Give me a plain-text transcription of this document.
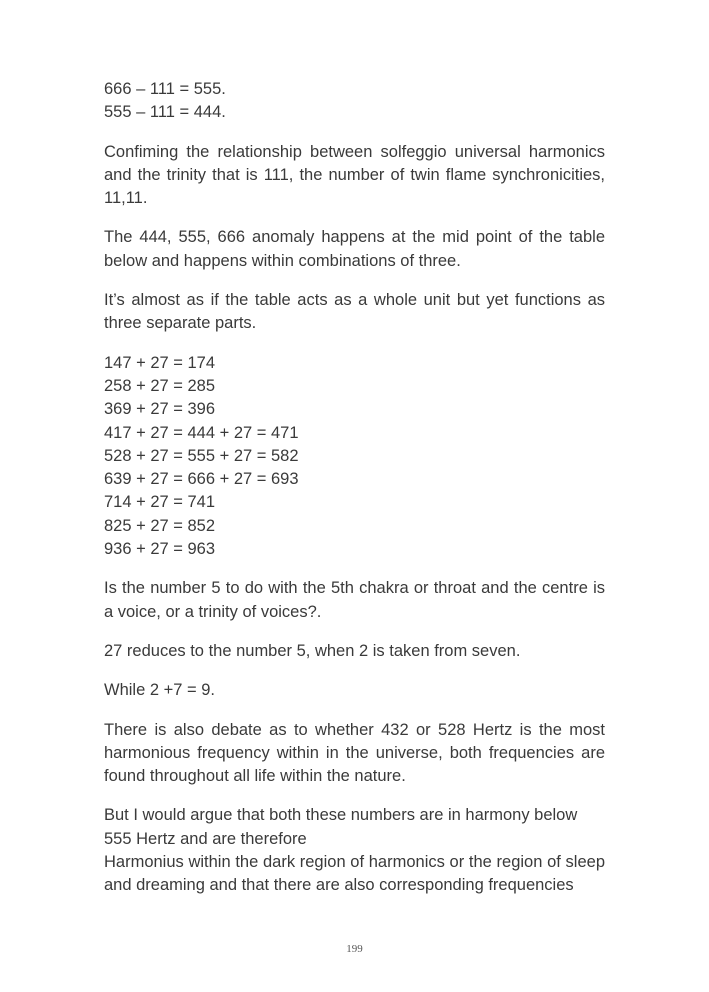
666 – 111 = 555.
555 – 111 = 444.

Confiming the relationship between solfeggio universal harmonics and the trinity that is 111, the number of twin flame synchronicities, 11,11.

The 444, 555, 666 anomaly happens at the mid point of the table below and happens within combinations of three.

It’s almost as if the table acts as a whole unit but yet functions as three separate parts.

147 + 27 = 174
258 + 27 = 285
369 + 27 = 396
417 + 27 = 444 + 27 = 471
528 + 27 = 555 + 27 = 582
639 + 27 = 666 + 27 = 693
714 + 27 = 741
825 + 27 = 852
936 + 27 = 963

Is the number 5 to do with the 5th chakra or throat and the centre is a voice, or a trinity of voices?.

27 reduces to the number 5, when 2 is taken from seven.

While 2 +7 = 9.

There is also debate as to whether 432 or 528 Hertz is the most harmonious frequency within in the universe, both frequencies are found throughout all life within the nature.

But I would argue that both these numbers are in harmony below 555 Hertz and are therefore

Harmonius within the dark region of harmonics or the region of sleep and dreaming and that there are also corresponding frequencies

199
